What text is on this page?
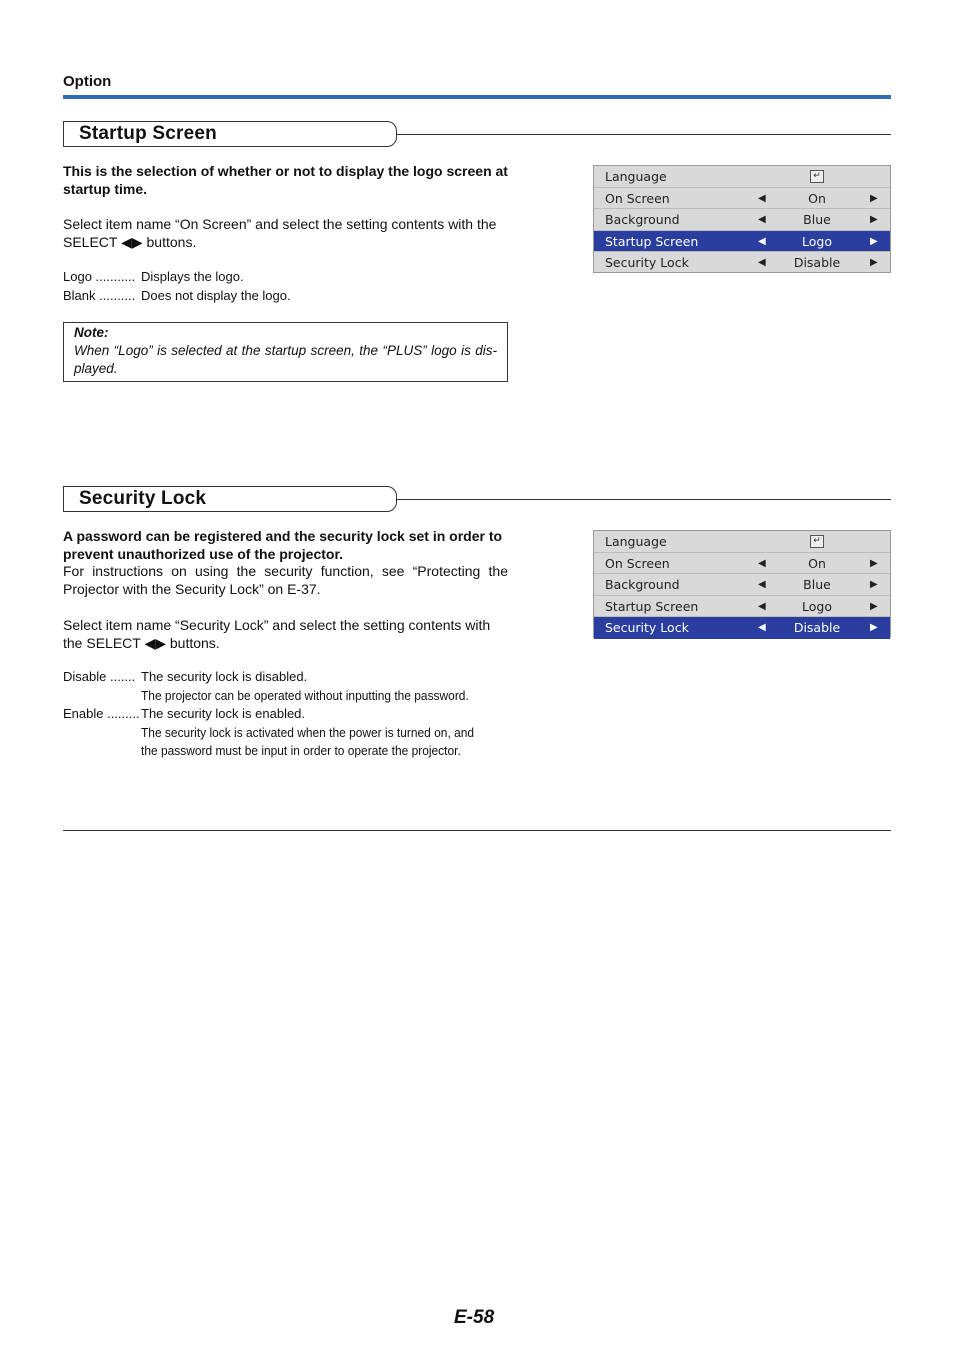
Option
Startup Screen
This is the selection of whether or not to display the logo screen at startup time.
Select item name “On Screen” and select the setting contents with the SELECT ◀▶ buttons.
Logo ........... Displays the logo.
Blank .......... Does not display the logo.
Note:
When “Logo” is selected at the startup screen, the “PLUS” logo is dis-played.
Language	↵
On Screen	◀	On	▶
Background	◀	Blue	▶
Startup Screen	◀	Logo	▶
Security Lock	◀	Disable	▶
Security Lock
A password can be registered and the security lock set in order to prevent unauthorized use of the projector.
For instructions on using the security function, see “Protecting the Projector with the Security Lock” on E-37.
Select item name “Security Lock” and select the setting contents with the SELECT ◀▶ buttons.
Disable ....... The security lock is disabled.
The projector can be operated without inputting the password.
Enable ......... The security lock is enabled.
The security lock is activated when the power is turned on, and
the password must be input in order to operate the projector.
Language	↵
On Screen	◀	On	▶
Background	◀	Blue	▶
Startup Screen	◀	Logo	▶
Security Lock	◀	Disable	▶
E-58
